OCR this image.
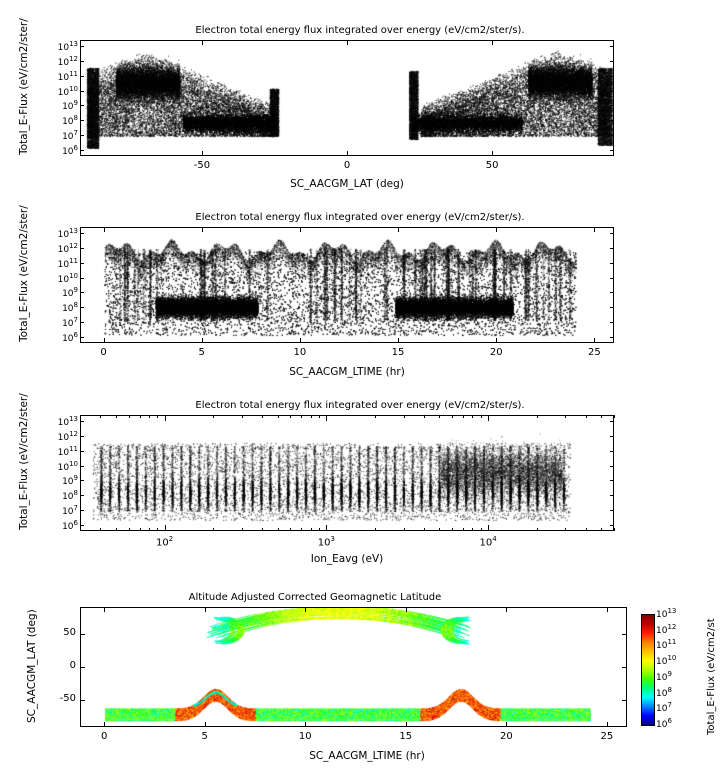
Electron total energy flux integrated over energy (eV/cm2/ster/s).
Total_E-Flux (eV/cm2/ster/
SC_AACGM_LAT (deg)
Electron total energy flux integrated over energy (eV/cm2/ster/s).
Total_E-Flux (eV/cm2/ster/
SC_AACGM_LTIME (hr)
Electron total energy flux integrated over energy (eV/cm2/ster/s).
Total_E-Flux (eV/cm2/ster/
Ion_Eavg (eV)
Altitude Adjusted Corrected Geomagnetic Latitude
SC_AACGM_LAT (deg)
SC_AACGM_LTIME (hr)
$10^6$
$10^7$
$10^8$
$10^9$
$10^{10}$
$10^{11}$
$10^{12}$
$10^{13}$
Total_E-Flux (eV/cm2/st
$10^6$
$10^7$
$10^8$
$10^9$
$10^{10}$
$10^{11}$
$10^{12}$
$10^{13}$
-50	0	50
$10^6$
$10^7$
$10^8$
$10^9$
$10^{10}$
$10^{11}$
$10^{12}$
$10^{13}$
0	5	10	15	20	25
$10^6$
$10^7$
$10^8$
$10^9$
$10^{10}$
$10^{11}$
$10^{12}$
$10^{13}$
$10^2$	$10^3$	$10^4$
0	5	10	15	20	25
-50
0
50
